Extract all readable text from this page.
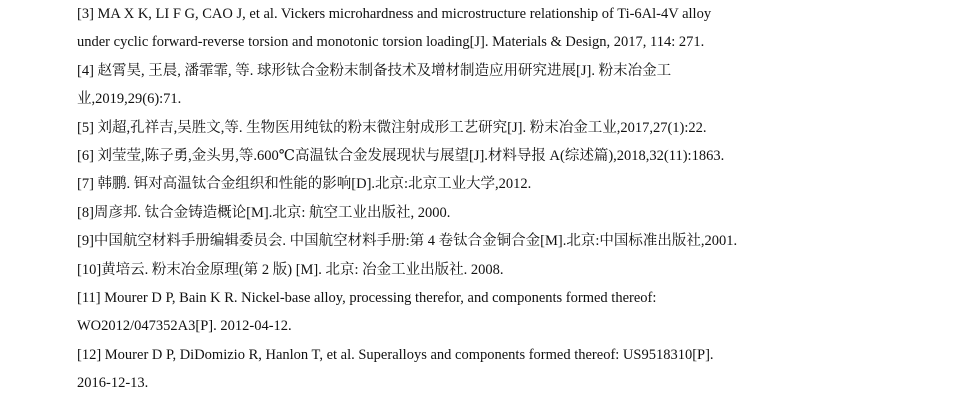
[3] MA X K, LI F G, CAO J, et al. Vickers microhardness and microstructure relationship of Ti-6Al-4V alloy
under cyclic forward-reverse torsion and monotonic torsion loading[J]. Materials & Design, 2017, 114: 271.
[4] 赵霄昊, 王晨, 潘霏霏, 等. 球形钛合金粉末制备技术及增材制造应用研究进展[J]. 粉末冶金工
业,2019,29(6):71.
[5] 刘超,孔祥吉,吴胜文,等. 生物医用纯钛的粉末微注射成形工艺研究[J]. 粉末冶金工业,2017,27(1):22.
[6] 刘莹莹,陈子勇,金头男,等.600℃高温钛合金发展现状与展望[J].材料导报 A(综述篇),2018,32(11):1863.
[7] 韩鹏. 铒对高温钛合金组织和性能的影响[D].北京:北京工业大学,2012.
[8]周彦邦. 钛合金铸造概论[M].北京: 航空工业出版社, 2000.
[9]中国航空材料手册编辑委员会. 中国航空材料手册:第 4 卷钛合金铜合金[M].北京:中国标准出版社,2001.
[10]黄培云. 粉末冶金原理(第 2 版) [M]. 北京: 冶金工业出版社. 2008.
[11] Mourer D P, Bain K R. Nickel-base alloy, processing therefor, and components formed thereof:
WO2012/047352A3[P]. 2012-04-12.
[12] Mourer D P, DiDomizio R, Hanlon T, et al. Superalloys and components formed thereof: US9518310[P].
2016-12-13.
